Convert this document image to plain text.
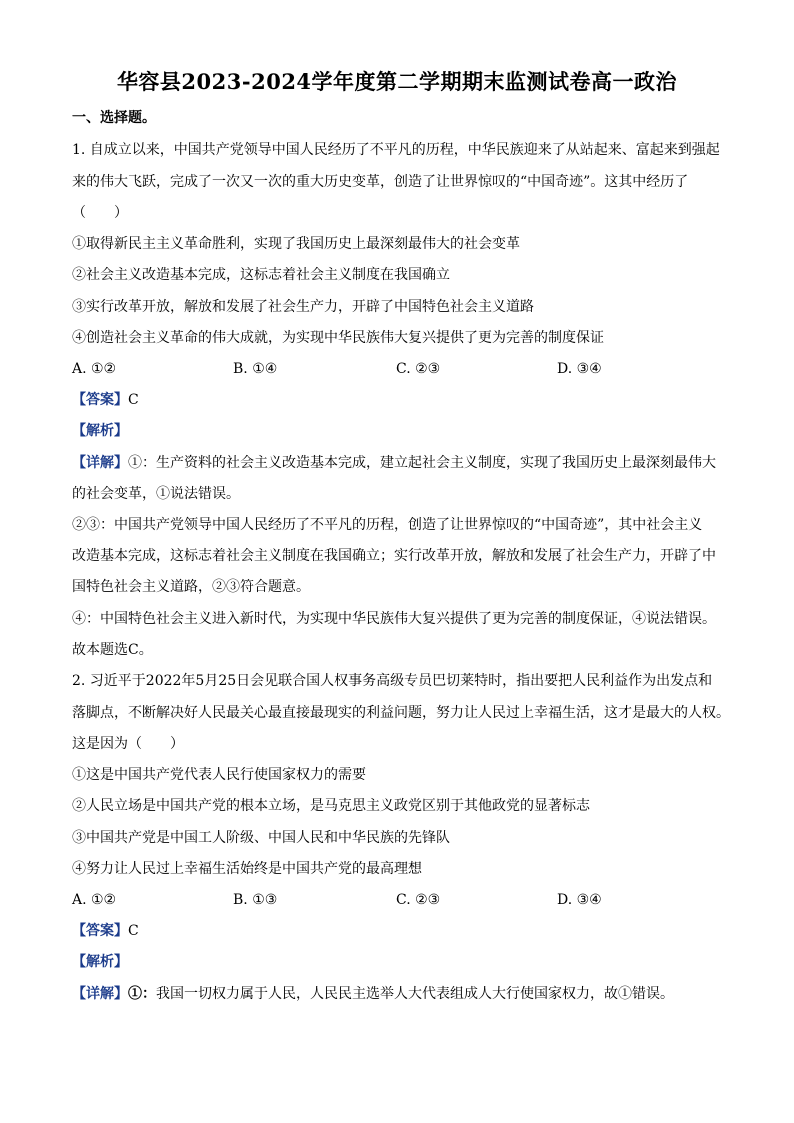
华容县2023-2024学年度第二学期期末监测试卷高一政治
一、选择题。
1. 自成立以来，中国共产党领导中国人民经历了不平凡的历程，中华民族迎来了从站起来、富起来到强起
来的伟大飞跃，完成了一次又一次的重大历史变革，创造了让世界惊叹的“中国奇迹”。这其中经历了
（　　）
①取得新民主主义革命胜利，实现了我国历史上最深刻最伟大的社会变革
②社会主义改造基本完成，这标志着社会主义制度在我国确立
③实行改革开放，解放和发展了社会生产力，开辟了中国特色社会主义道路
④创造社会主义革命的伟大成就，为实现中华民族伟大复兴提供了更为完善的制度保证
A. ①②	B. ①④	C. ②③	D. ③④
【答案】C
【解析】
【详解】①：生产资料的社会主义改造基本完成，建立起社会主义制度，实现了我国历史上最深刻最伟大
的社会变革，①说法错误。
②③：中国共产党领导中国人民经历了不平凡的历程，创造了让世界惊叹的“中国奇迹”，其中社会主义
改造基本完成，这标志着社会主义制度在我国确立；实行改革开放，解放和发展了社会生产力，开辟了中
国特色社会主义道路，②③符合题意。
④：中国特色社会主义进入新时代，为实现中华民族伟大复兴提供了更为完善的制度保证，④说法错误。
故本题选C。
2. 习近平于2022年5月25日会见联合国人权事务高级专员巴切莱特时，指出要把人民利益作为出发点和
落脚点，不断解决好人民最关心最直接最现实的利益问题，努力让人民过上幸福生活，这才是最大的人权。
这是因为（　　）
①这是中国共产党代表人民行使国家权力的需要
②人民立场是中国共产党的根本立场，是马克思主义政党区别于其他政党的显著标志
③中国共产党是中国工人阶级、中国人民和中华民族的先锋队
④努力让人民过上幸福生活始终是中国共产党的最高理想
A. ①②	B. ①③	C. ②③	D. ③④
【答案】C
【解析】
【详解】①：我国一切权力属于人民，人民民主选举人大代表组成人大行使国家权力，故①错误。
